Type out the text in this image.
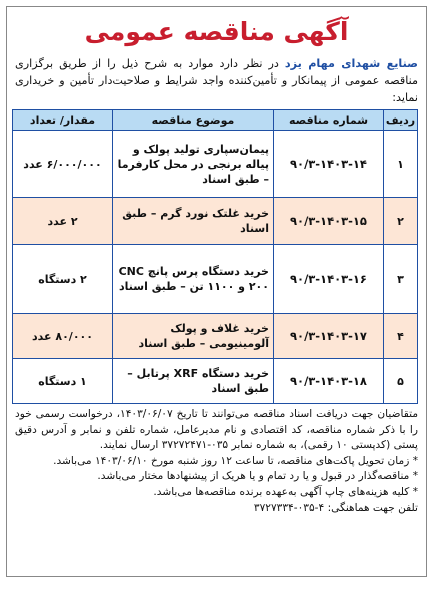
آگهی مناقصه عمومی
صنایع شهدای مهام یزد در نظر دارد موارد به شرح ذیل را از طریق برگزاری مناقصه عمومی از پیمانکار و تأمین‌کننده واجد شرایط و صلاحیت‌دار تأمین و خریداری نماید:
ردیف	شماره مناقصه	موضوع مناقصه	مقدار/ تعداد
۱	۹۰/۳-۱۴۰۳-۱۴	پیمان‌سپاری تولید پولک و پیاله برنجی در محل کارفرما – طبق اسناد	۶/۰۰۰/۰۰۰ عدد
۲	۹۰/۳-۱۴۰۳-۱۵	خرید غلتک نورد گرم – طبق اسناد	۲ عدد
۳	۹۰/۳-۱۴۰۳-۱۶	خرید دستگاه پرس پانچ CNC ۲۰۰ و ۱۱۰۰ تن – طبق اسناد	۲ دستگاه
۴	۹۰/۳-۱۴۰۳-۱۷	خرید غلاف و پولک آلومینیومی – طبق اسناد	۸۰/۰۰۰ عدد
۵	۹۰/۳-۱۴۰۳-۱۸	خرید دستگاه XRF پرتابل – طبق اسناد	۱ دستگاه

متقاضیان جهت دریافت اسناد مناقصه می‌توانند تا تاریخ ۱۴۰۳/۰۶/۰۷، درخواست رسمی خود را با ذکر شماره مناقصه، کد اقتصادی و نام مدیرعامل، شماره تلفن و نمابر و آدرس دقیق پستی (کدپستی ۱۰ رقمی)، به شماره نمابر ۰۳۵-۳۷۲۷۲۴۷۱ ارسال نمایند.

* زمان تحویل پاکت‌های مناقصه، تا ساعت ۱۲ روز شنبه مورخ ۱۴۰۳/۰۶/۱۰ می‌باشد.

* مناقصه‌گذار در قبول و یا رد تمام و یا هریک از پیشنهادها مختار می‌باشد.

* کلیه هزینه‌های چاپ آگهی به‌عهده برنده مناقصه‌ها می‌باشد.

تلفن جهت هماهنگی: ۴-۰۳۵-۳۷۲۷۳۳۴
